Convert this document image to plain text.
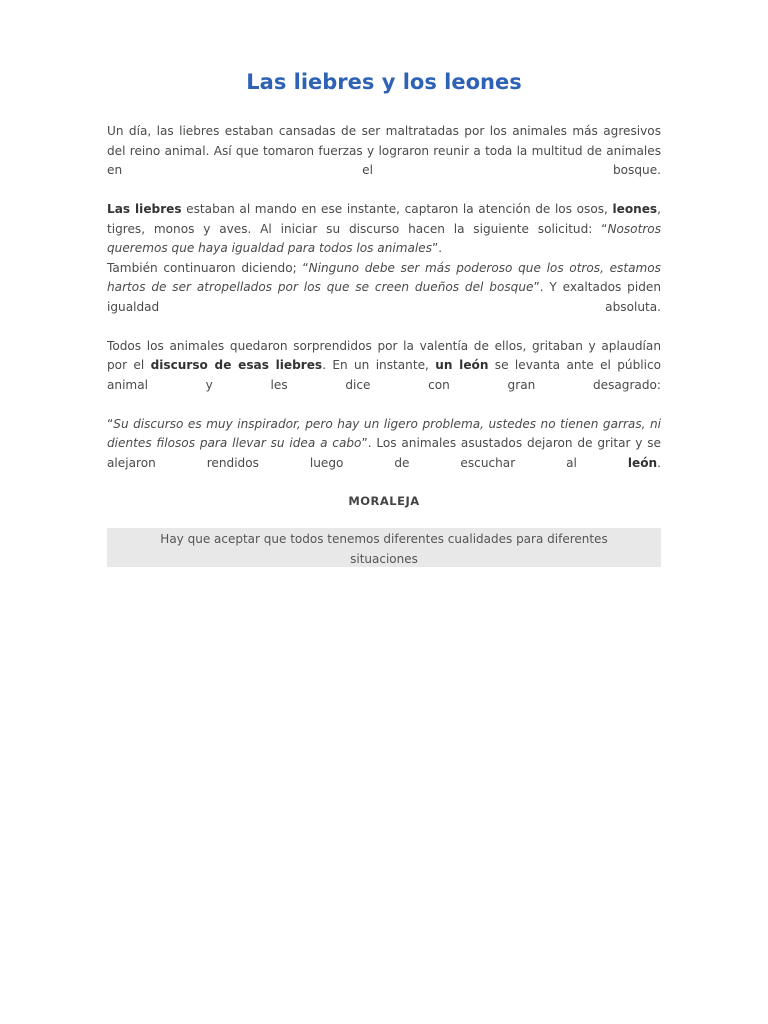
Las liebres y los leones

Un día, las liebres estaban cansadas de ser maltratadas por los animales más agresivos del reino animal. Así que tomaron fuerzas y lograron reunir a toda la multitud de animales en el bosque.

Las liebres estaban al mando en ese instante, captaron la atención de los osos, leones, tigres, monos y aves. Al iniciar su discurso hacen la siguiente solicitud: “Nosotros queremos que haya igualdad para todos los animales”.

También continuaron diciendo; “Ninguno debe ser más poderoso que los otros, estamos hartos de ser atropellados por los que se creen dueños del bosque”. Y exaltados piden igualdad absoluta.

Todos los animales quedaron sorprendidos por la valentía de ellos, gritaban y aplaudían por el discurso de esas liebres. En un instante, un león se levanta ante el público animal y les dice con gran desagrado:

“Su discurso es muy inspirador, pero hay un ligero problema, ustedes no tienen garras, ni dientes filosos para llevar su idea a cabo”. Los animales asustados dejaron de gritar y se alejaron rendidos luego de escuchar al león.

MORALEJA
Hay que aceptar que todos tenemos diferentes cualidades para diferentes situaciones
